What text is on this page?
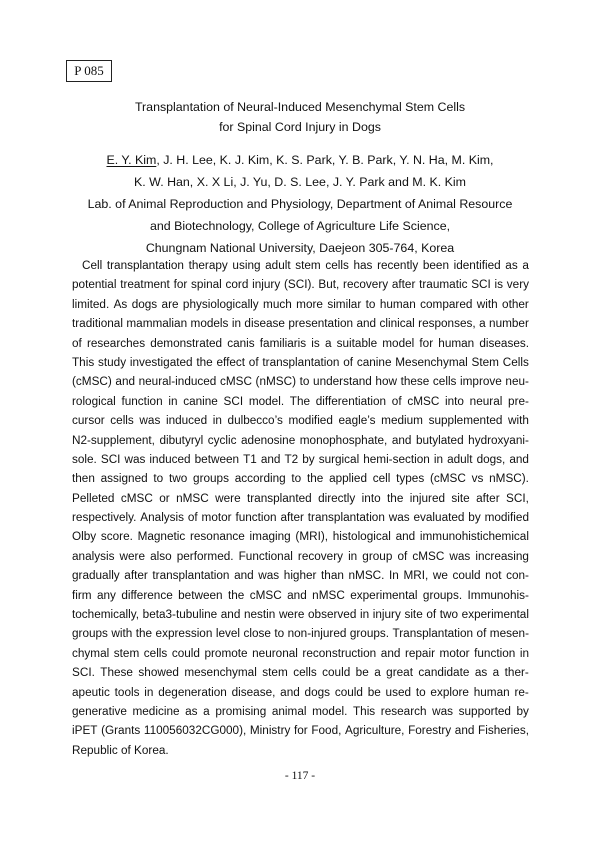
P 085
Transplantation of Neural-Induced Mesenchymal Stem Cells
for Spinal Cord Injury in Dogs
E. Y. Kim, J. H. Lee, K. J. Kim, K. S. Park, Y. B. Park, Y. N. Ha, M. Kim,
K. W. Han, X. X Li, J. Yu, D. S. Lee, J. Y. Park and M. K. Kim
Lab. of Animal Reproduction and Physiology, Department of Animal Resource
and Biotechnology, College of Agriculture Life Science,
Chungnam National University, Daejeon 305-764, Korea
Cell transplantation therapy using adult stem cells has recently been identified as a
potential treatment for spinal cord injury (SCI). But, recovery after traumatic SCI is very
limited. As dogs are physiologically much more similar to human compared with other
traditional mammalian models in disease presentation and clinical responses, a number
of researches demonstrated canis familiaris is a suitable model for human diseases.
This study investigated the effect of transplantation of canine Mesenchymal Stem Cells
(cMSC) and neural-induced cMSC (nMSC) to understand how these cells improve neu-
rological function in canine SCI model. The differentiation of cMSC into neural pre-
cursor cells was induced in dulbecco’s modified eagle’s medium supplemented with
N2-supplement, dibutyryl cyclic adenosine monophosphate, and butylated hydroxyani-
sole. SCI was induced between T1 and T2 by surgical hemi-section in adult dogs, and
then assigned to two groups according to the applied cell types (cMSC vs nMSC).
Pelleted cMSC or nMSC were transplanted directly into the injured site after SCI,
respectively. Analysis of motor function after transplantation was evaluated by modified
Olby score. Magnetic resonance imaging (MRI), histological and immunohistichemical
analysis were also performed. Functional recovery in group of cMSC was increasing
gradually after transplantation and was higher than nMSC. In MRI, we could not con-
firm any difference between the cMSC and nMSC experimental groups. Immunohis-
tochemically, beta3-tubuline and nestin were observed in injury site of two experimental
groups with the expression level close to non-injured groups. Transplantation of mesen-
chymal stem cells could promote neuronal reconstruction and repair motor function in
SCI. These showed mesenchymal stem cells could be a great candidate as a ther-
apeutic tools in degeneration disease, and dogs could be used to explore human re-
generative medicine as a promising animal model. This research was supported by
iPET (Grants 110056032CG000), Ministry for Food, Agriculture, Forestry and Fisheries,
Republic of Korea.
- 117 -
